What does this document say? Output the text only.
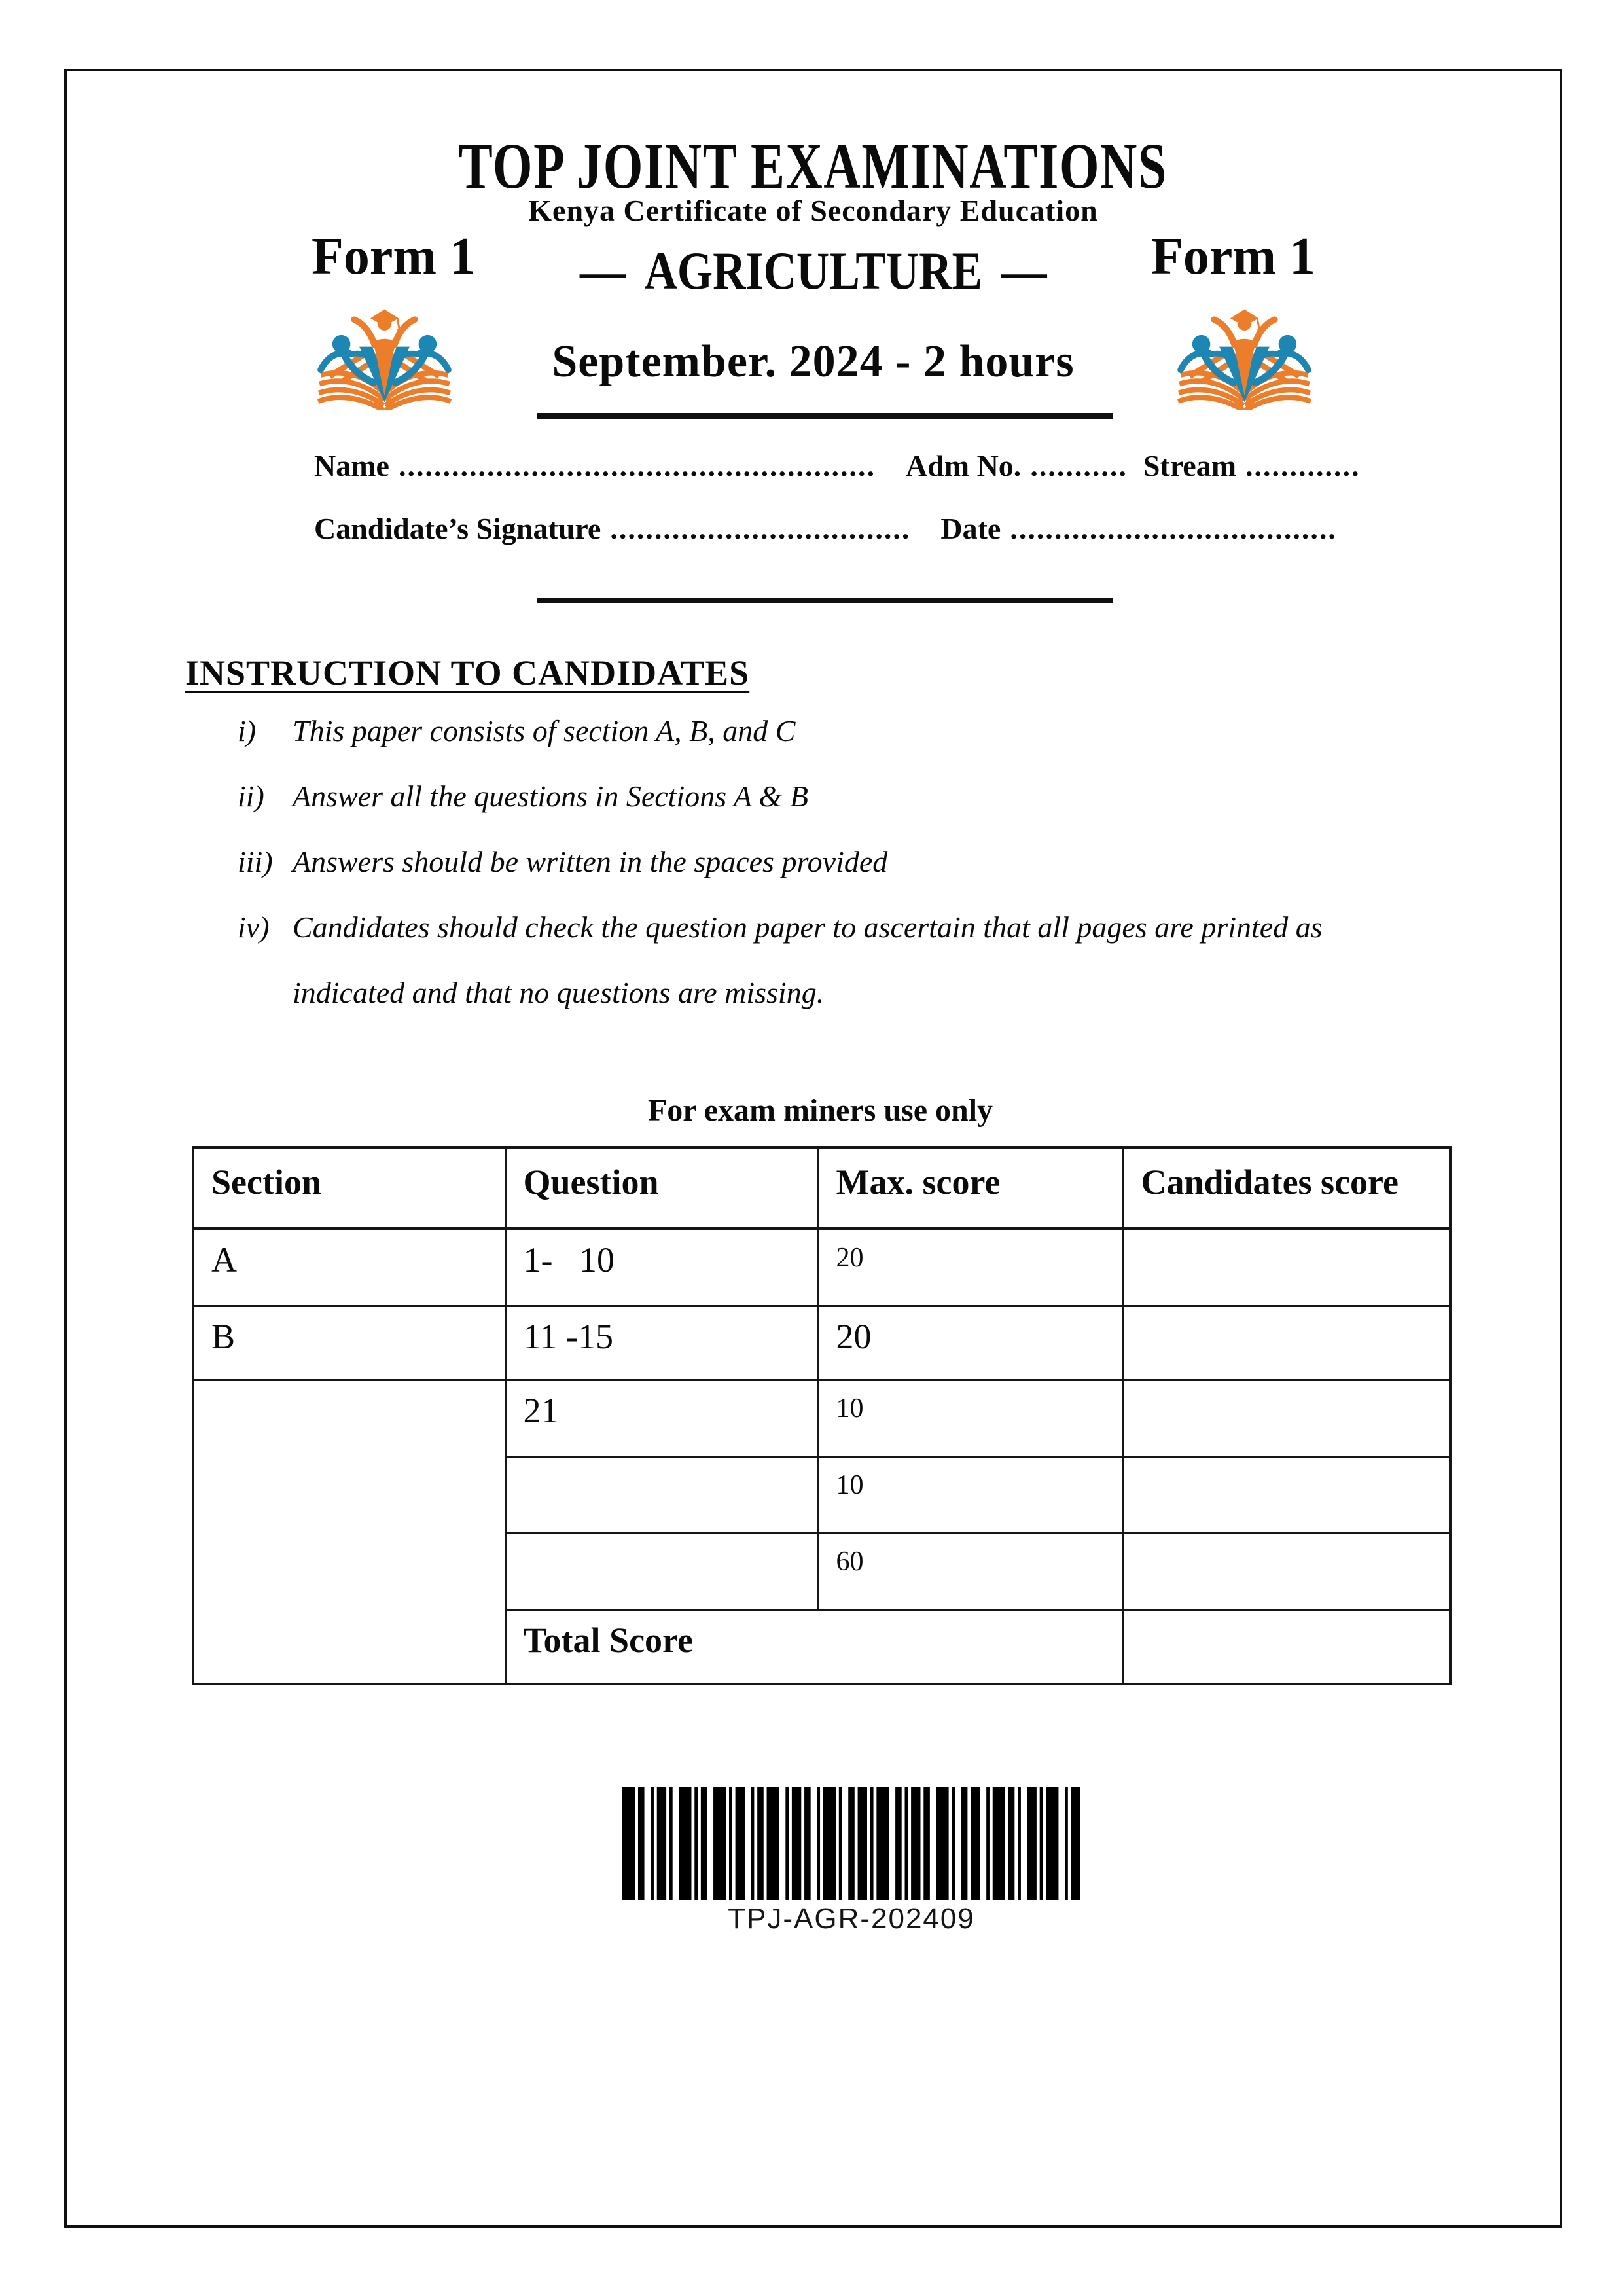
TOP JOINT EXAMINATIONS
Kenya Certificate of Secondary Education
Form 1	Form 1
— AGRICULTURE —
September. 2024 - 2 hours
Name ...................................................... Adm No. ........... Stream .............
Candidate’s Signature .................................. Date .....................................
INSTRUCTION TO CANDIDATES
i) This paper consists of section A, B, and C
ii) Answer all the questions in Sections A & B
iii) Answers should be written in the spaces provided
iv) Candidates should check the question paper to ascertain that all pages are printed as indicated and that no questions are missing.
For exam miners use only
Section	Question	Max. score	Candidates score
A	1-   10	20	
B	11 -15	20	
	21	10	
		10	
		60	
	Total Score		
TPJ-AGR-202409
